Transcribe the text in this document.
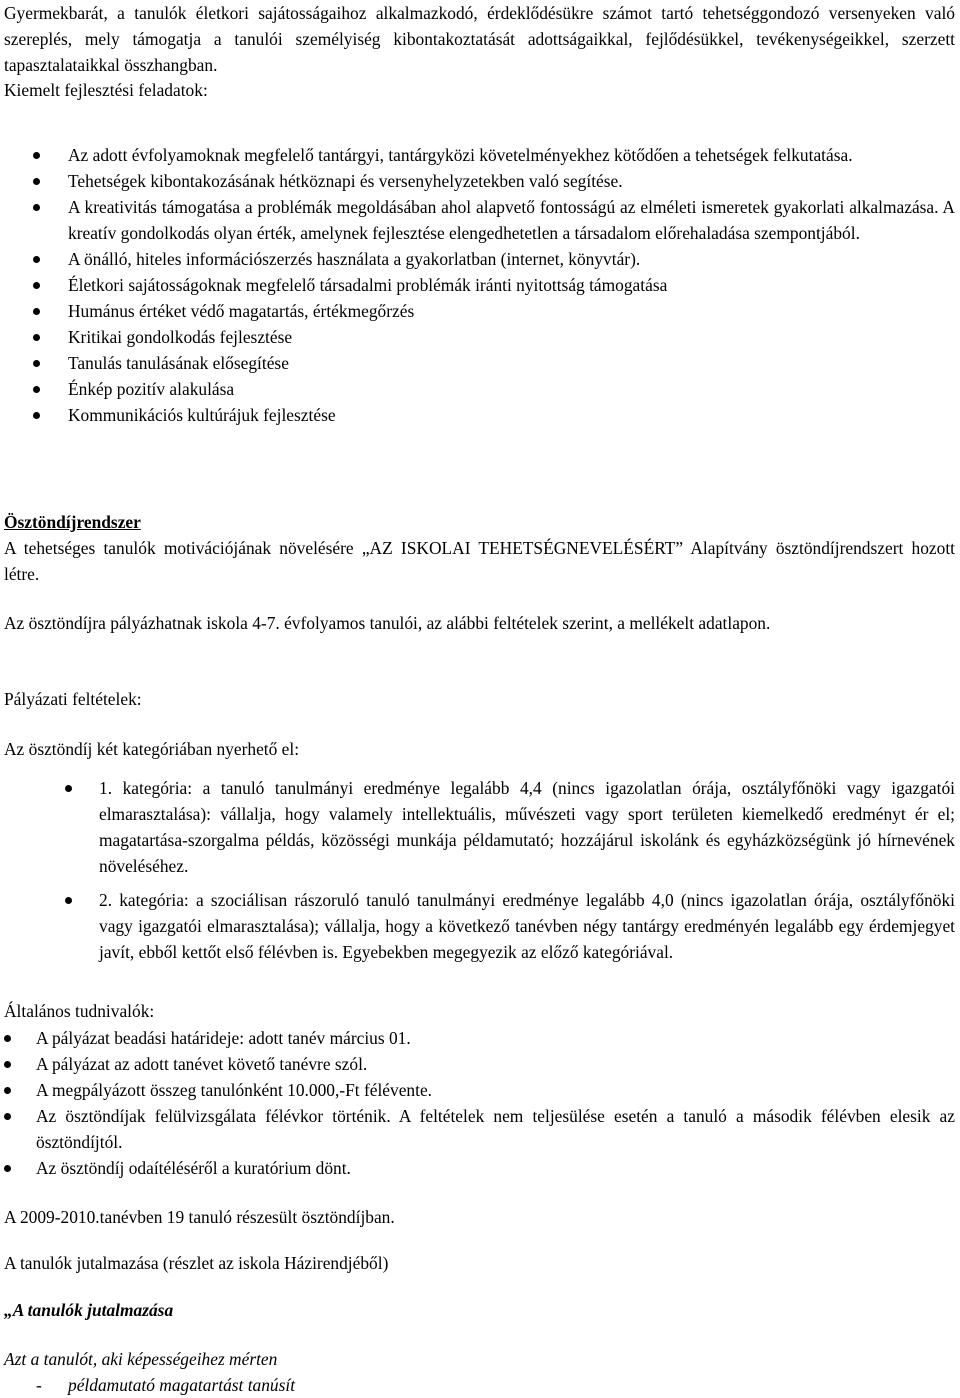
Gyermekbarát, a tanulók életkori sajátosságaihoz alkalmazkodó, érdeklődésükre számot tartó tehetséggondozó versenyeken való szereplés, mely támogatja a tanulói személyiség kibontakoztatását adottságaikkal, fejlődésükkel, tevékenységeikkel, szerzett tapasztalataikkal összhangban.

Kiemelt fejlesztési feladatok:

Az adott évfolyamoknak megfelelő tantárgyi, tantárgyközi követelményekhez kötődően a tehetségek felkutatása.
Tehetségek kibontakozásának hétköznapi és versenyhelyzetekben való segítése.
A kreativitás támogatása a problémák megoldásában ahol alapvető fontosságú az elméleti ismeretek gyakorlati alkalmazása. A kreatív gondolkodás olyan érték, amelynek fejlesztése elengedhetetlen a társadalom előrehaladása szempontjából.
A önálló, hiteles információszerzés használata a gyakorlatban (internet, könyvtár).
Életkori sajátosságoknak megfelelő társadalmi problémák iránti nyitottság támogatása
Humánus értéket védő magatartás, értékmegőrzés
Kritikai gondolkodás fejlesztése
Tanulás tanulásának elősegítése
Énkép pozitív alakulása
Kommunikációs kultúrájuk fejlesztése

Ösztöndíjrendszer

A tehetséges tanulók motivációjának növelésére „AZ ISKOLAI TEHETSÉGNEVELÉSÉRT” Alapítvány ösztöndíjrendszert hozott létre.

Az ösztöndíjra pályázhatnak iskola 4-7. évfolyamos tanulói, az alábbi feltételek szerint, a mellékelt adatlapon.

Pályázati feltételek:

Az ösztöndíj két kategóriában nyerhető el:

1. kategória: a tanuló tanulmányi eredménye legalább 4,4 (nincs igazolatlan órája, osztályfőnöki vagy igazgatói elmarasztalása): vállalja, hogy valamely intellektuális, művészeti vagy sport területen kiemelkedő eredményt ér el; magatartása-szorgalma példás, közösségi munkája példamutató; hozzájárul iskolánk és egyházközségünk jó hírnevének növeléséhez.
2. kategória: a szociálisan rászoruló tanuló tanulmányi eredménye legalább 4,0 (nincs igazolatlan órája, osztályfőnöki vagy igazgatói elmarasztalása); vállalja, hogy a következő tanévben négy tantárgy eredményén legalább egy érdemjegyet javít, ebből kettőt első félévben is. Egyebekben megegyezik az előző kategóriával.

Általános tudnivalók:

A pályázat beadási határideje: adott tanév március 01.
A pályázat az adott tanévet követő tanévre szól.
A megpályázott összeg tanulónként 10.000,-Ft félévente.
Az ösztöndíjak felülvizsgálata félévkor történik. A feltételek nem teljesülése esetén a tanuló a második félévben elesik az ösztöndíjtól.
Az ösztöndíj odaítéléséről a kuratórium dönt.

A 2009-2010.tanévben 19 tanuló részesült ösztöndíjban.

A tanulók jutalmazása (részlet az iskola Házirendjéből)

„A tanulók jutalmazása

Azt a tanulót, aki képességeihez mérten

- példamutató magatartást tanúsít
